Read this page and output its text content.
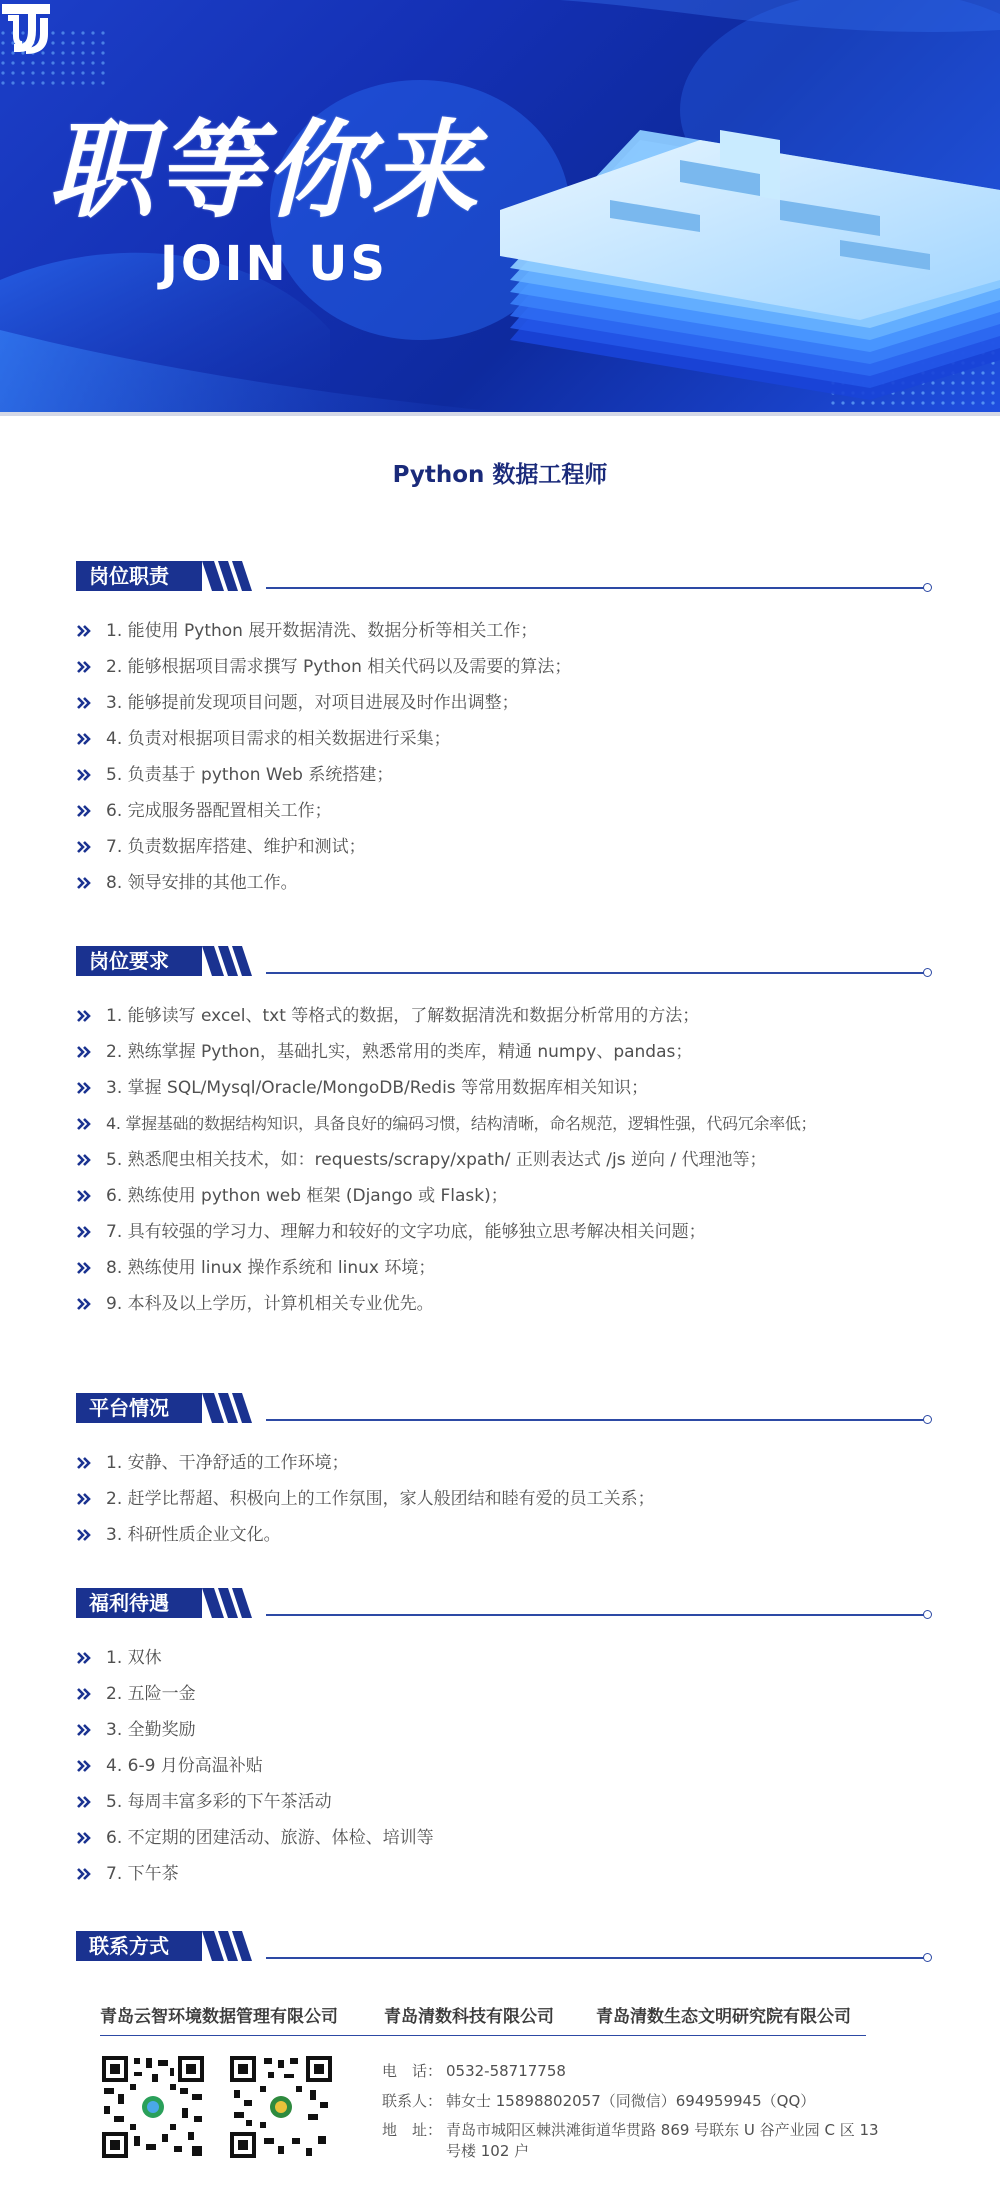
职等你来
JOIN US
Python 数据工程师
岗位职责
1. 能使用 Python 展开数据清洗、数据分析等相关工作；
2. 能够根据项目需求撰写 Python 相关代码以及需要的算法；
3. 能够提前发现项目问题，对项目进展及时作出调整；
4. 负责对根据项目需求的相关数据进行采集；
5. 负责基于 python Web 系统搭建；
6. 完成服务器配置相关工作；
7. 负责数据库搭建、维护和测试；
8. 领导安排的其他工作。
岗位要求
1. 能够读写 excel、txt 等格式的数据，了解数据清洗和数据分析常用的方法；
2. 熟练掌握 Python，基础扎实，熟悉常用的类库，精通 numpy、pandas；
3. 掌握 SQL/Mysql/Oracle/MongoDB/Redis 等常用数据库相关知识；
4. 掌握基础的数据结构知识，具备良好的编码习惯，结构清晰，命名规范，逻辑性强，代码冗余率低；
5. 熟悉爬虫相关技术，如：requests/scrapy/xpath/ 正则表达式 /js 逆向 / 代理池等；
6. 熟练使用 python web 框架 (Django 或 Flask)；
7. 具有较强的学习力、理解力和较好的文字功底，能够独立思考解决相关问题；
8. 熟练使用 linux 操作系统和 linux 环境；
9. 本科及以上学历，计算机相关专业优先。
平台情况
1. 安静、干净舒适的工作环境；
2. 赶学比帮超、积极向上的工作氛围，家人般团结和睦有爱的员工关系；
3. 科研性质企业文化。
福利待遇
1. 双休
2. 五险一金
3. 全勤奖励
4. 6-9 月份高温补贴
5. 每周丰富多彩的下午茶活动
6. 不定期的团建活动、旅游、体检、培训等
7. 下午茶
联系方式
青岛云智环境数据管理有限公司	青岛清数科技有限公司 青岛清数生态文明研究院有限公司
电　话： 0532-58717758
联系人： 韩女士 15898802057（同微信）694959945（QQ）
地　址： 青岛市城阳区棘洪滩街道华贯路 869 号联东 U 谷产业园 C 区 13 号楼 102 户
